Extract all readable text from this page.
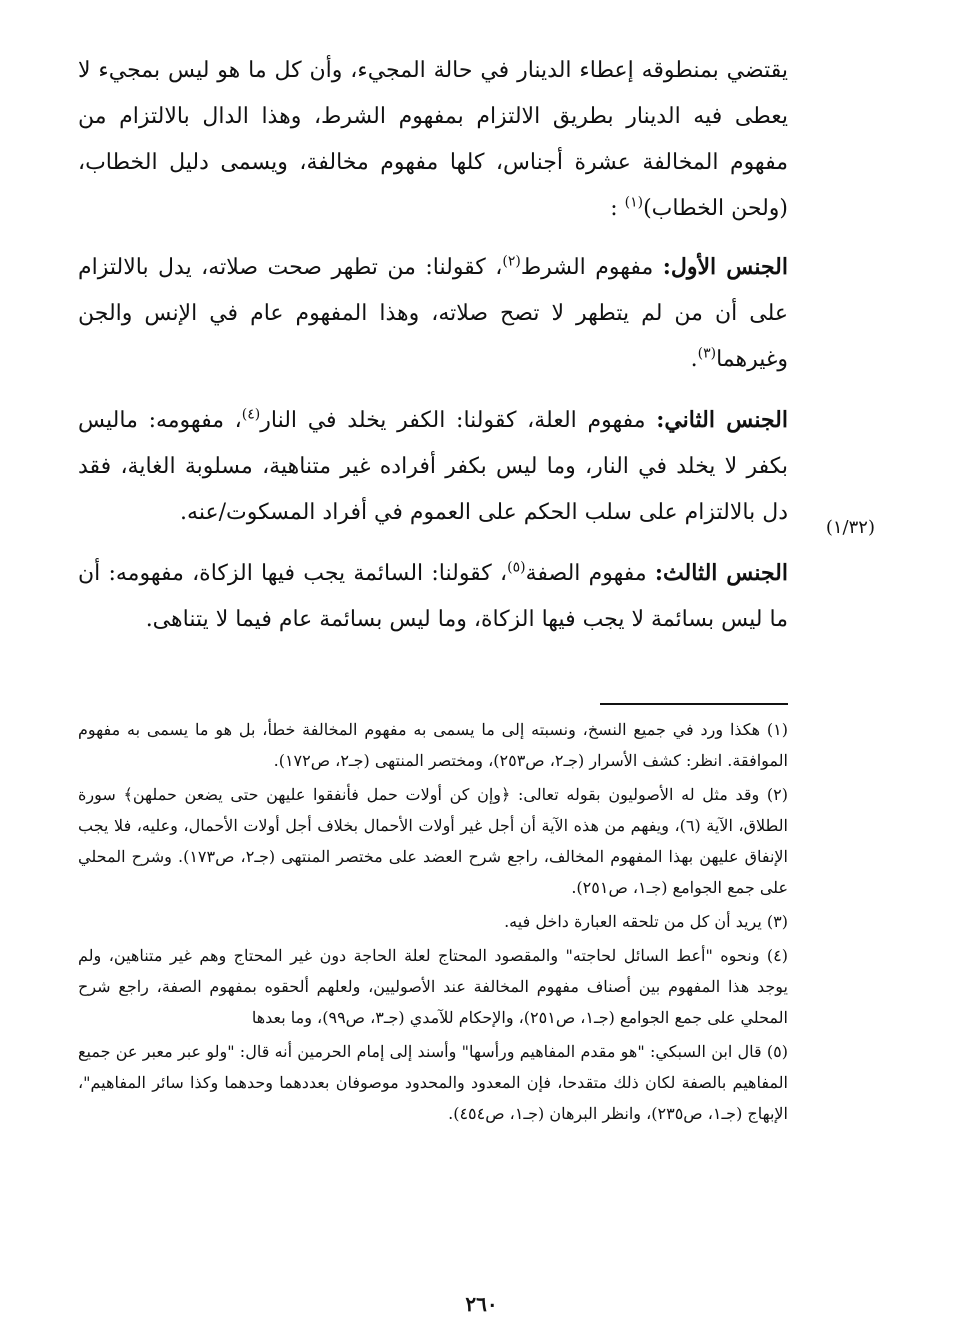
يقتضي بمنطوقه إعطاء الدينار في حالة المجيء، وأن كل ما هو ليس بمجيء لا يعطى فيه الدينار بطريق الالتزام بمفهوم الشرط، وهذا الدال بالالتزام من مفهوم المخالفة عشرة أجناس، كلها مفهوم مخالفة، ويسمى دليل الخطاب، (ولحن الخطاب)$^{(١)}$ :

الجنس الأول: مفهوم الشرط$^{(٢)}$، كقولنا: من تطهر صحت صلاته، يدل بالالتزام على أن من لم يتطهر لا تصح صلاته، وهذا المفهوم عام في الإنس والجن وغيرهما$^{(٣)}$.

الجنس الثاني: مفهوم العلة، كقولنا: الكفر يخلد في النار$^{(٤)}$، مفهومه: ماليس بكفر لا يخلد في النار، وما ليس بكفر أفراده غير متناهية، مسلوبة الغاية، فقد دل بالالتزام على سلب الحكم على العموم في أفراد المسكوت/عنه.

الجنس الثالث: مفهوم الصفة$^{(٥)}$، كقولنا: السائمة يجب فيها الزكاة، مفهومه: أن ما ليس بسائمة لا يجب فيها الزكاة، وما ليس بسائمة عام فيما لا يتناهى.

(١/٣٢)

(١) هكذا ورد في جميع النسخ، ونسبته إلى ما يسمى به مفهوم المخالفة خطأ، بل هو ما يسمى به مفهوم الموافقة. انظر: كشف الأسرار (جـ٢، ص٢٥٣)، ومختصر المنتهى (جـ٢، ص١٧٢).

(٢) وقد مثل له الأصوليون بقوله تعالى: ﴿وإن كن أولات حمل فأنفقوا عليهن حتى يضعن حملهن﴾ سورة الطلاق، الآية (٦)، ويفهم من هذه الآية أن أجل غير أولات الأحمال بخلاف أجل أولات الأحمال، وعليه، فلا يجب الإنفاق عليهن بهذا المفهوم المخالف، راجع شرح العضد على مختصر المنتهى (جـ٢، ص١٧٣). وشرح المحلي على جمع الجوامع (جـ١، ص٢٥١).

(٣) يريد أن كل من تلحقه العبارة داخل فيه.

(٤) ونحوه "أعط السائل لحاجته" والمقصود المحتاج لعلة الحاجة دون غير المحتاج وهم غير متناهين، ولم يوجد هذا المفهوم بين أصناف مفهوم المخالفة عند الأصوليين، ولعلهم ألحقوه بمفهوم الصفة، راجع شرح المحلي على جمع الجوامع (جـ١، ص٢٥١)، والإحكام للآمدي (جـ٣، ص٩٩)، وما بعدها

(٥) قال ابن السبكي: "هو مقدم المفاهيم ورأسها" وأسند إلى إمام الحرمين أنه قال: "ولو عبر معبر عن جميع المفاهيم بالصفة لكان ذلك متقدحا، فإن المعدود والمحدود موصوفان بعددهما وحدهما وكذا سائر المفاهيم"، الإبهاج (جـ١، ص٢٣٥)، وانظر البرهان (جـ١، ص٤٥٤).

٢٦٠
